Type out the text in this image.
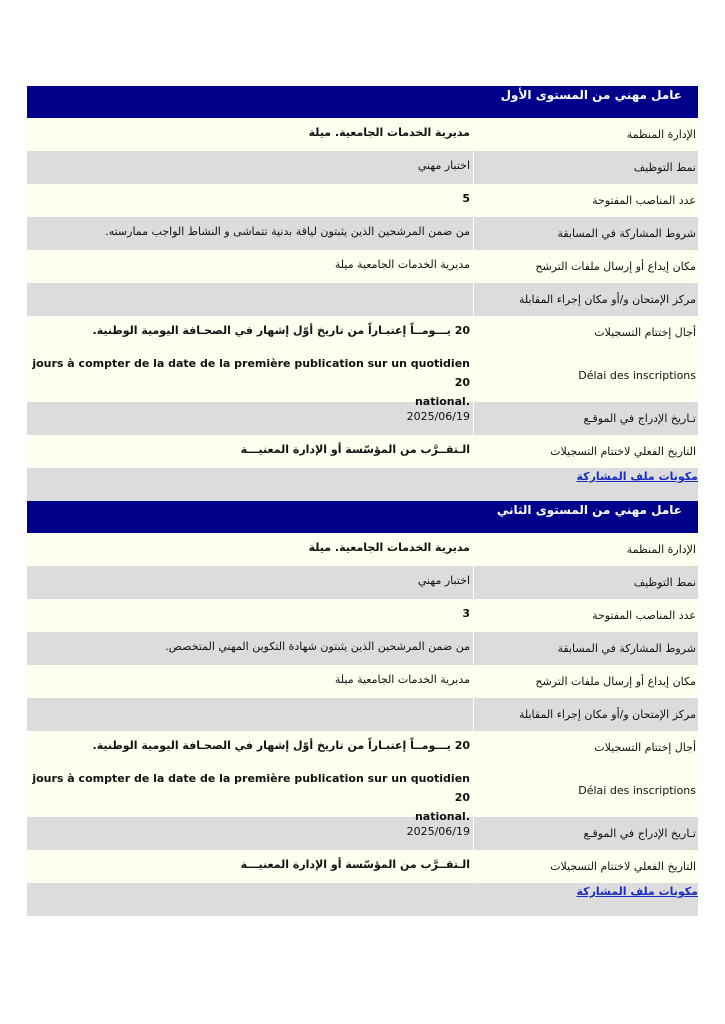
عامل مهني من المستوى الأول
الإدارة المنظمة
مديرية الخدمات الجامعية. ميلة
نمط التوظيف
اختبار مهني
عدد المناصب المفتوحة
5
شروط المشاركة في المسابقة
من ضمن المرشحين الذين يثبتون لياقة بدنية تتماشى و النشاط الواجب ممارسته.
مكان إيداع أو إرسال ملفات الترشح
مديرية الخدمات الجامعية ميلة
مركز الإمتحان و/أو مكان إجراء المقابلة
أجال إختتام التسجيلات
20 يـــومــاً إعتبـاراً من تاريخ أوّل إشهار في الصحـافة اليومية الوطنية.
Délai des inscriptions
jours à compter de la date de la première publication sur un quotidien 20
national.
تـاريخ الإدراج في الموقـع
2025/06/19
التاريخ الفعلي لاختتام التسجيلات
الـتقــرَّب من المؤسّسة أو الإدارة المعنيـــة
مكونات ملف المشاركة
عامل مهني من المستوى الثاني
الإدارة المنظمة
مديرية الخدمات الجامعية. ميلة
نمط التوظيف
اختبار مهني
عدد المناصب المفتوحة
3
شروط المشاركة في المسابقة
من ضمن المرشحين الذين يثبتون شهادة التكوين المهني المتخصص.
مكان إيداع أو إرسال ملفات الترشح
مديرية الخدمات الجامعية ميلة
مركز الإمتحان و/أو مكان إجراء المقابلة
أجال إختتام التسجيلات
20 يـــومــاً إعتبـاراً من تاريخ أوّل إشهار في الصحـافة اليومية الوطنية.
Délai des inscriptions
jours à compter de la date de la première publication sur un quotidien 20
national.
تـاريخ الإدراج في الموقـع
2025/06/19
التاريخ الفعلي لاختتام التسجيلات
الـتقــرَّب من المؤسّسة أو الإدارة المعنيـــة
مكونات ملف المشاركة
